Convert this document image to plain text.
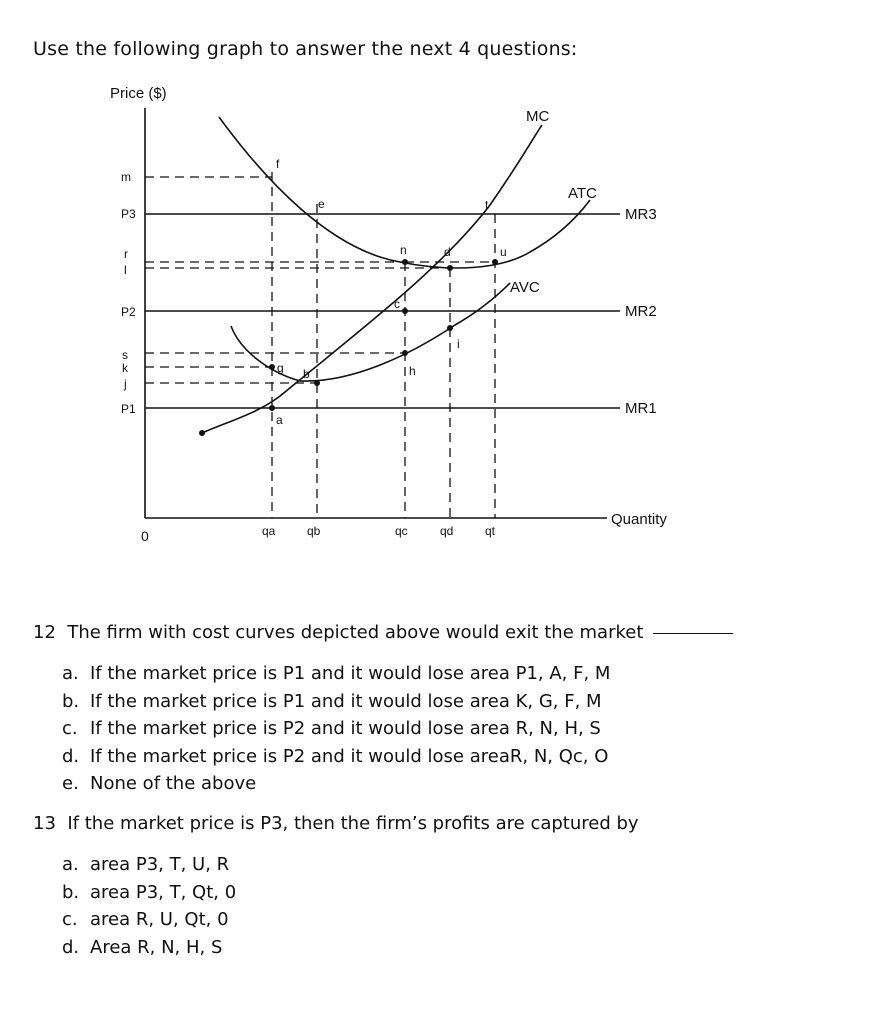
Use the following graph to answer the next 4 questions:
Price ($)
Quantity
0
m
P3
r
l
P2
s
k
j
P1
qa	qb	qc	qd	qt
MC
ATC
AVC
MR3
MR2
MR1
f
e	t
n	d	u
c
i
h
g b
a
12 The firm with cost curves depicted above would exit the market
a. If the market price is P1 and it would lose area P1, A, F, M
b. If the market price is P1 and it would lose area K, G, F, M
c. If the market price is P2 and it would lose area R, N, H, S
d. If the market price is P2 and it would lose areaR, N, Qc, O
e. None of the above
13 If the market price is P3, then the firm’s profits are captured by
a. area P3, T, U, R
b. area P3, T, Qt, 0
c. area R, U, Qt, 0
d. Area R, N, H, S
